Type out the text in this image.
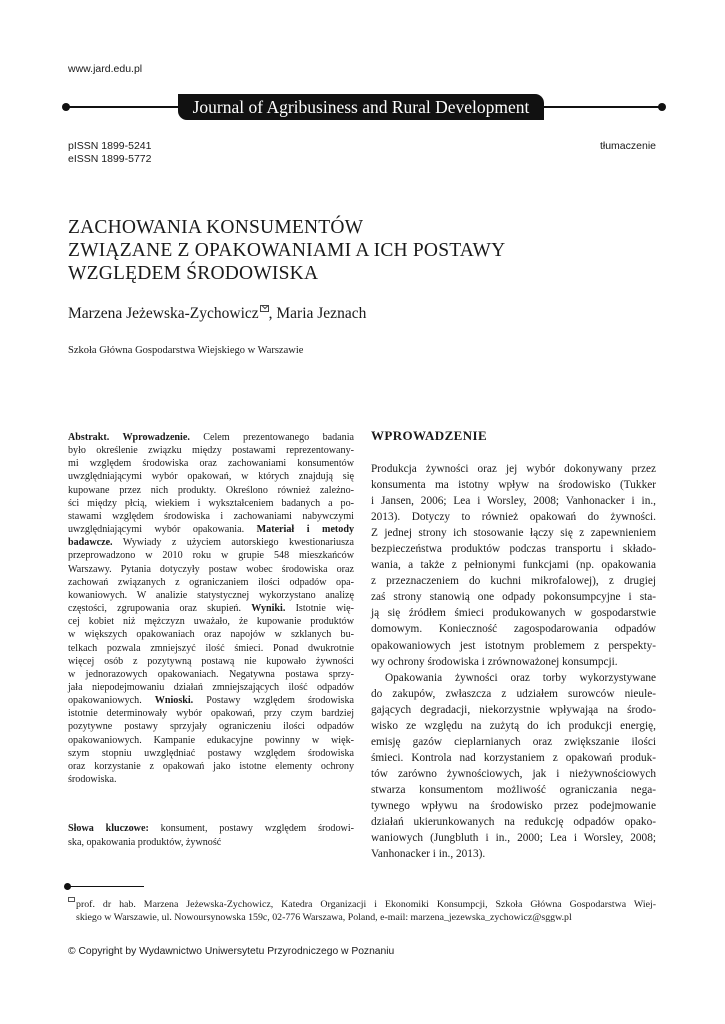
www.jard.edu.pl
Journal of Agribusiness and Rural Development
pISSN 1899-5241
eISSN 1899-5772
tłumaczenie
ZACHOWANIA KONSUMENTÓW
ZWIĄZANE Z OPAKOWANIAMI A ICH POSTAWY
WZGLĘDEM ŚRODOWISKA
Marzena Jeżewska-Zychowicz , Maria Jeznach
Szkoła Główna Gospodarstwa Wiejskiego w Warszawie
Abstrakt. Wprowadzenie. Celem prezentowanego badania
było określenie związku między postawami reprezentowany-
mi względem środowiska oraz zachowaniami konsumentów
uwzględniającymi wybór opakowań, w których znajdują się
kupowane przez nich produkty. Określono również zależno-
ści między płcią, wiekiem i wykształceniem badanych a po-
stawami względem środowiska i zachowaniami nabywczymi
uwzględniającymi wybór opakowania. Materiał i metody
badawcze. Wywiady z użyciem autorskiego kwestionariusza
przeprowadzono w 2010 roku w grupie 548 mieszkańców
Warszawy. Pytania dotyczyły postaw wobec środowiska oraz
zachowań związanych z ograniczaniem ilości odpadów opa-
kowaniowych. W analizie statystycznej wykorzystano analizę
częstości, zgrupowania oraz skupień. Wyniki. Istotnie wię-
cej kobiet niż mężczyzn uważało, że kupowanie produktów
w większych opakowaniach oraz napojów w szklanych bu-
telkach pozwala zmniejszyć ilość śmieci. Ponad dwukrotnie
więcej osób z pozytywną postawą nie kupowało żywności
w jednorazowych opakowaniach. Negatywna postawa sprzy-
jała niepodejmowaniu działań zmniejszających ilość odpadów
opakowaniowych. Wnioski. Postawy względem środowiska
istotnie determinowały wybór opakowań, przy czym bardziej
pozytywne postawy sprzyjały ograniczeniu ilości odpadów
opakowaniowych. Kampanie edukacyjne powinny w więk-
szym stopniu uwzględniać postawy względem środowiska
oraz korzystanie z opakowań jako istotne elementy ochrony
środowiska.
Słowa kluczowe: konsument, postawy względem środowi-
ska, opakowania produktów, żywność
WPROWADZENIE
Produkcja żywności oraz jej wybór dokonywany przez
konsumenta ma istotny wpływ na środowisko (Tukker
i Jansen, 2006; Lea i Worsley, 2008; Vanhonacker i in.,
2013). Dotyczy to również opakowań do żywności.
Z jednej strony ich stosowanie łączy się z zapewnieniem
bezpieczeństwa produktów podczas transportu i składo-
wania, a także z pełnionymi funkcjami (np. opakowania
z przeznaczeniem do kuchni mikrofalowej), z drugiej
zaś strony stanowią one odpady pokonsumpcyjne i sta-
ją się źródłem śmieci produkowanych w gospodarstwie
domowym. Konieczność zagospodarowania odpadów
opakowaniowych jest istotnym problemem z perspekty-
wy ochrony środowiska i zrównoważonej konsumpcji.
Opakowania żywności oraz torby wykorzystywane
do zakupów, zwłaszcza z udziałem surowców nieule-
gających degradacji, niekorzystnie wpływająa na środo-
wisko ze względu na zużytą do ich produkcji energię,
emisję gazów cieplarnianych oraz zwiększanie ilości
śmieci. Kontrola nad korzystaniem z opakowań produk-
tów zarówno żywnościowych, jak i nieżywnościowych
stwarza konsumentom możliwość ograniczania nega-
tywnego wpływu na środowisko przez podejmowanie
działań ukierunkowanych na redukcję odpadów opako-
waniowych (Jungbluth i in., 2000; Lea i Worsley, 2008;
Vanhonacker i in., 2013).
prof. dr hab. Marzena Jeżewska-Zychowicz, Katedra Organizacji i Ekonomiki Konsumpcji, Szkoła Główna Gospodarstwa Wiej-
skiego w Warszawie, ul. Nowoursynowska 159c, 02-776 Warszawa, Poland, e-mail: marzena_jezewska_zychowicz@sggw.pl
© Copyright by Wydawnictwo Uniwersytetu Przyrodniczego w Poznaniu
